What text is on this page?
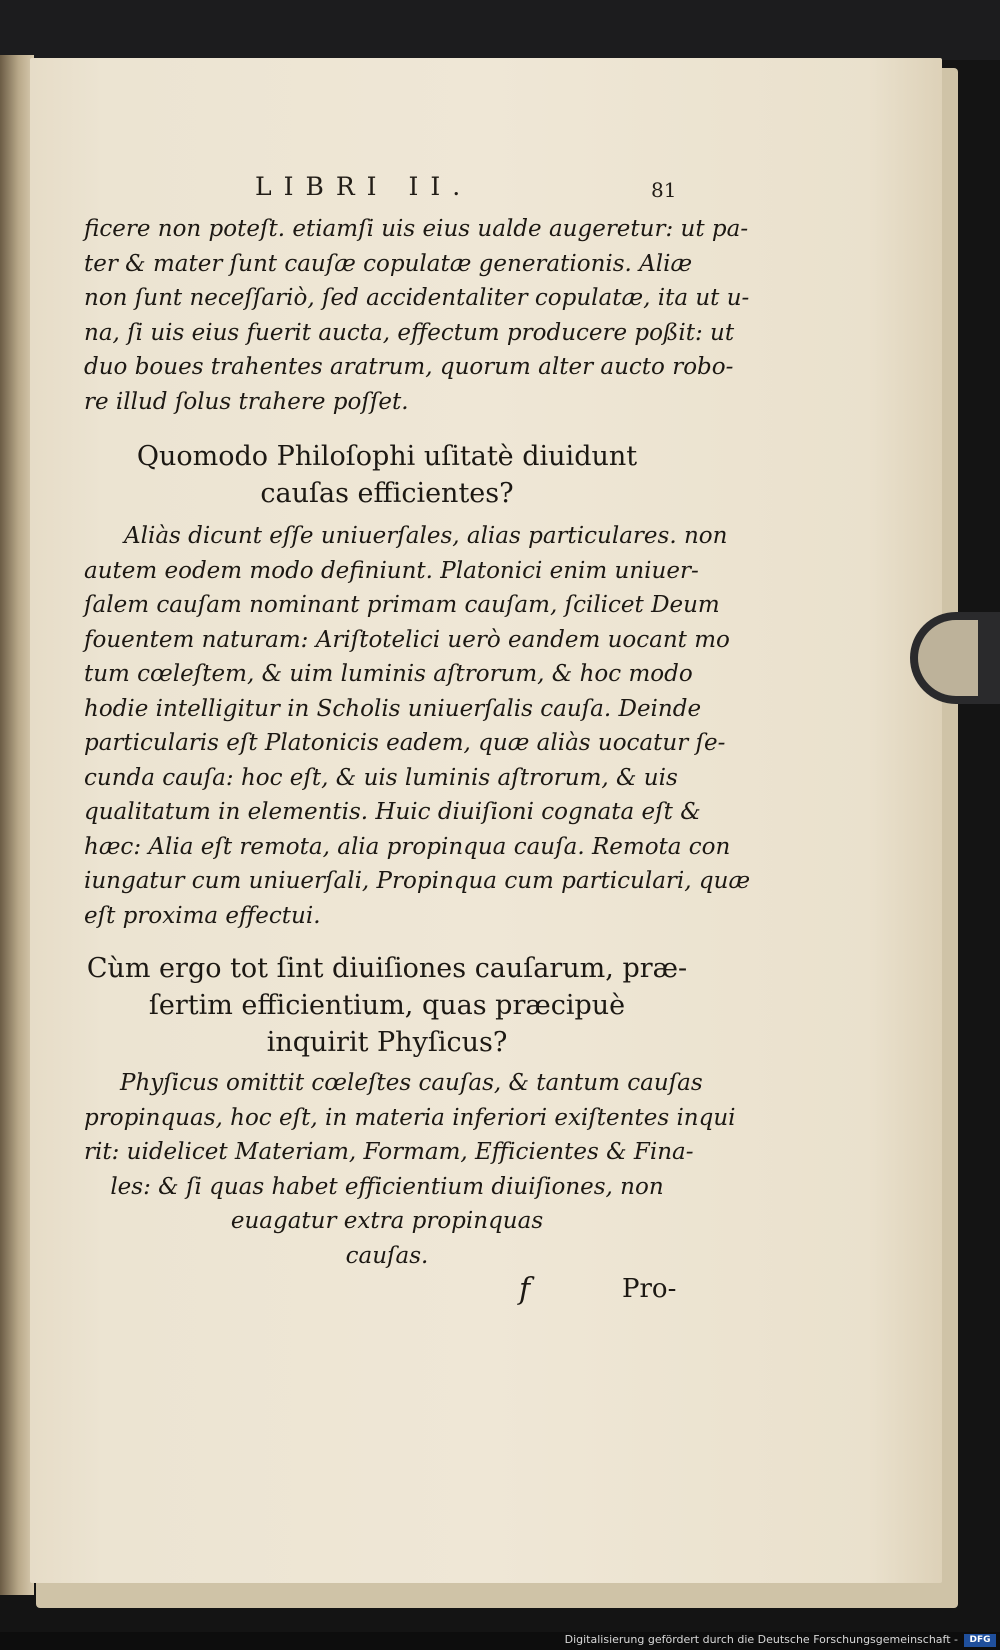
LIBRI II.	81
ficere non poteſt. etiamſi uis eius ualde augeretur: ut pa-
ter & mater ſunt cauſæ copulatæ generationis. Aliæ
non ſunt neceſſariò, ſed accidentaliter copulatæ, ita ut u-
na, ſi uis eius fuerit aucta, effectum producere poßit: ut
duo boues trahentes aratrum, quorum alter aucto robo-
re illud ſolus trahere poſſet.
Quomodo Philoſophi uſitatè diuidunt
cauſas efficientes?
Aliàs dicunt eſſe uniuerſales, alias particulares. non
autem eodem modo definiunt. Platonici enim uniuer-
ſalem cauſam nominant primam cauſam, ſcilicet Deum
fouentem naturam: Ariſtotelici uerò eandem uocant mo
tum cœleſtem, & uim luminis aſtrorum, & hoc modo
hodie intelligitur in Scholis uniuerſalis cauſa. Deinde
particularis eſt Platonicis eadem, quæ aliàs uocatur ſe-
cunda cauſa: hoc eſt, & uis luminis aſtrorum, & uis
qualitatum in elementis. Huic diuiſioni cognata eſt &
hæc: Alia eſt remota, alia propinqua cauſa. Remota con
iungatur cum uniuerſali, Propinqua cum particulari, quæ
eſt proxima effectui.
Cùm ergo tot ſint diuiſiones cauſarum, præ-
ſertim efficientium, quas præcipuè
inquirit Phyſicus?
Phyſicus omittit cœleſtes cauſas, & tantum cauſas
propinquas, hoc eſt, in materia inferiori exiſtentes inqui
rit: uidelicet Materiam, Formam, Efficientes & Fina-
les: & ſi quas habet efficientium diuiſiones, non
euagatur extra propinquas
cauſas.
f	Pro-
Digitalisierung gefördert durch die Deutsche Forschungsgemeinschaft -	DFG
